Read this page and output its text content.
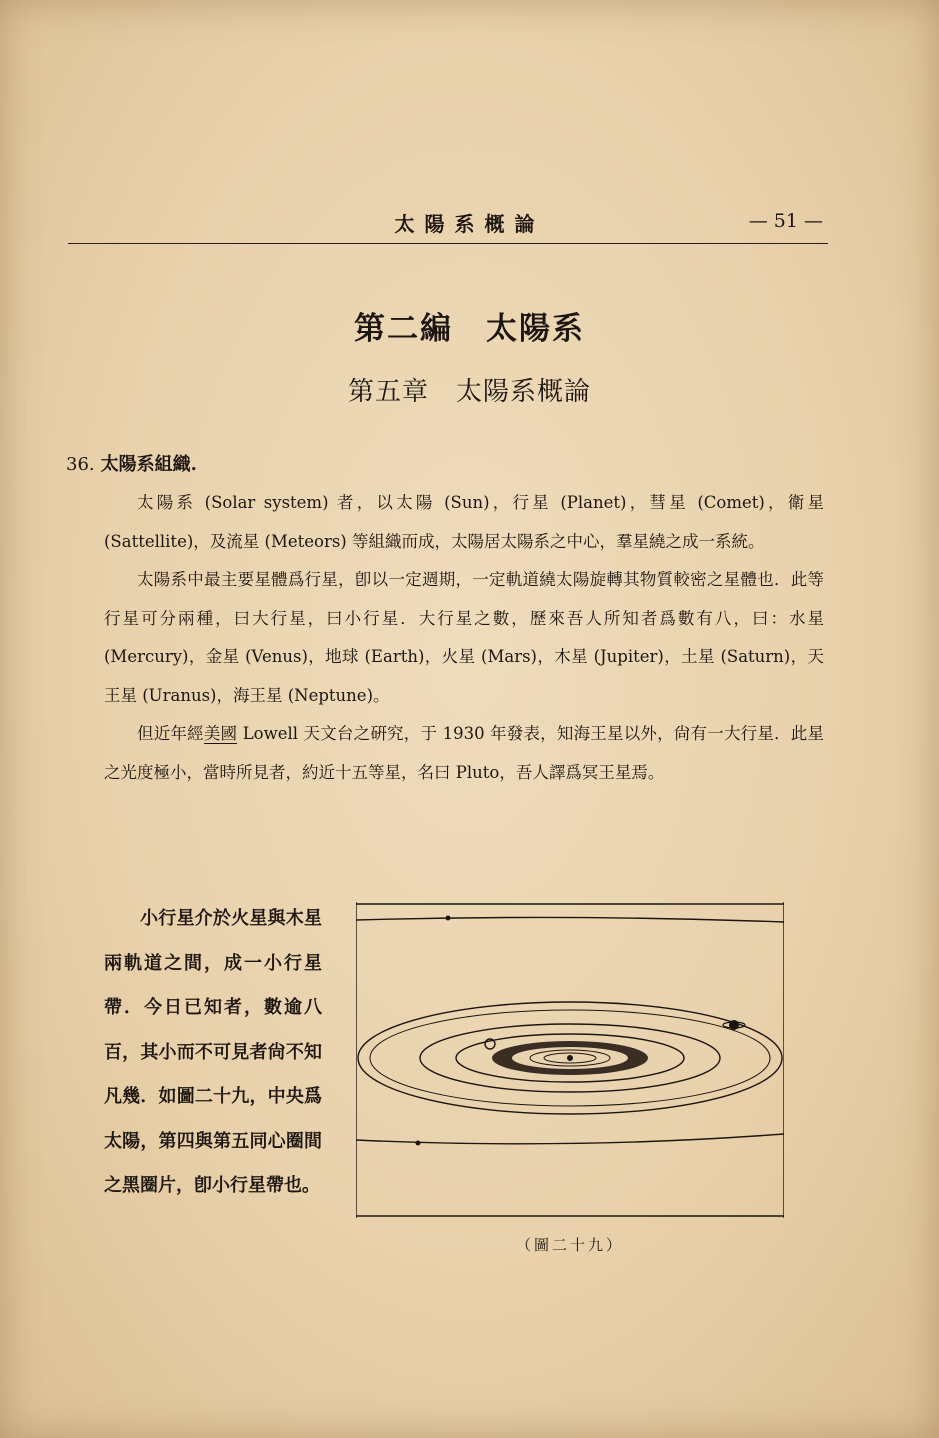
太陽系概論	— 51 —
第二編　太陽系
第五章　太陽系概論
36. 太陽系組織.

太陽系 (Solar system) 者，以太陽 (Sun)，行星 (Planet)，彗星 (Comet)，衛星 (Sattellite)，及流星 (Meteors) 等組織而成，太陽居太陽系之中心，羣星繞之成一系統。

太陽系中最主要星體爲行星，卽以一定週期，一定軌道繞太陽旋轉其物質較密之星體也．此等行星可分兩種，曰大行星，曰小行星．大行星之數，歷來吾人所知者爲數有八，曰：水星(Mercury)，金星 (Venus)，地球 (Earth)，火星 (Mars)，木星 (Jupiter)，土星 (Saturn)，天王星 (Uranus)，海王星 (Neptune)。

但近年經美國 Lowell 天文台之硏究，于 1930 年發表，知海王星以外，尙有一大行星．此星之光度極小，當時所見者，約近十五等星，名曰 Pluto，吾人譯爲冥王星焉。

小行星介於火星與木星兩軌道之間，成一小行星帶．今日已知者，數逾八百，其小而不可見者尙不知凡幾．如圖二十九，中央爲太陽，第四與第五同心圈間之黑圈片，卽小行星帶也。
（圖二十九）
